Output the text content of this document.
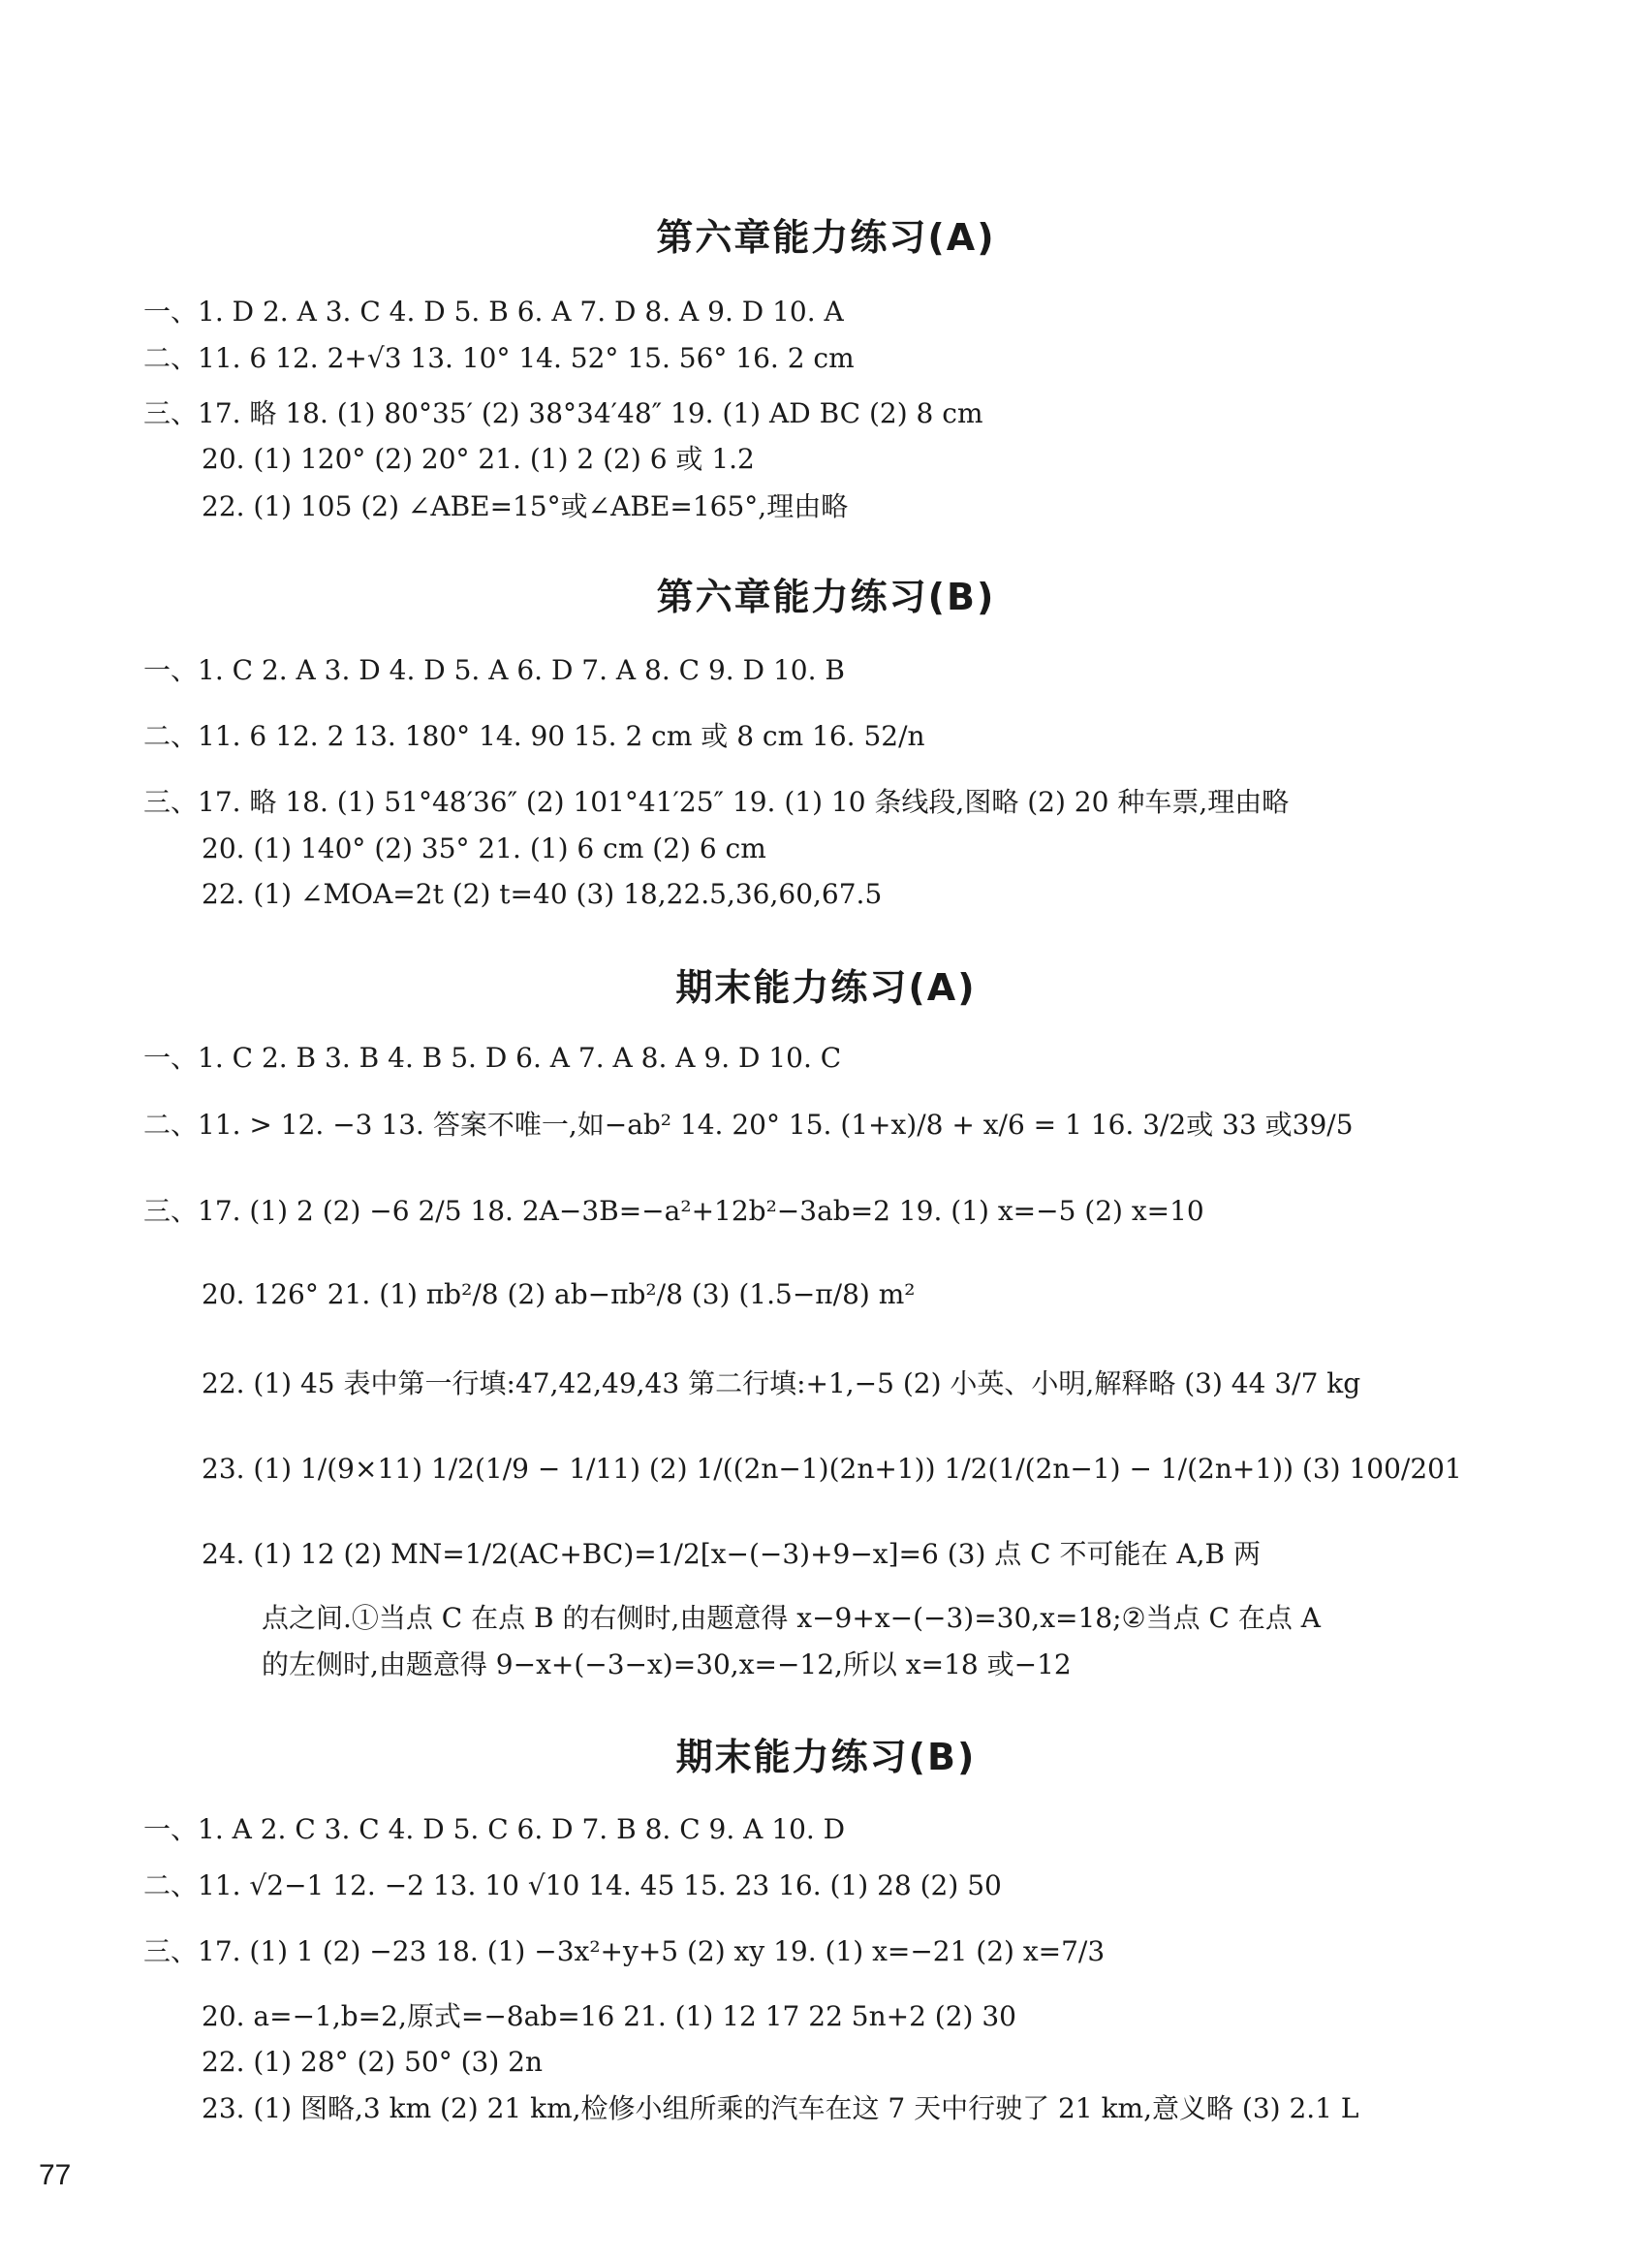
第六章能力练习(A)
一、1. D 2. A 3. C 4. D 5. B 6. A 7. D 8. A 9. D 10. A
二、11. 6 12. 2+√3 13. 10° 14. 52° 15. 56° 16. 2 cm
三、17. 略 18. (1) 80°35′ (2) 38°34′48″ 19. (1) AD BC (2) 8 cm
20. (1) 120° (2) 20° 21. (1) 2 (2) 6 或 1.2
22. (1) 105 (2) ∠ABE=15°或∠ABE=165°,理由略
第六章能力练习(B)
一、1. C 2. A 3. D 4. D 5. A 6. D 7. A 8. C 9. D 10. B
二、11. 6 12. 2 13. 180° 14. 90 15. 2 cm 或 8 cm 16. 52/n
三、17. 略 18. (1) 51°48′36″ (2) 101°41′25″ 19. (1) 10 条线段,图略 (2) 20 种车票,理由略
20. (1) 140° (2) 35° 21. (1) 6 cm (2) 6 cm
22. (1) ∠MOA=2t (2) t=40 (3) 18,22.5,36,60,67.5
期末能力练习(A)
一、1. C 2. B 3. B 4. B 5. D 6. A 7. A 8. A 9. D 10. C
二、11. > 12. −3 13. 答案不唯一,如−ab² 14. 20° 15. (1+x)/8 + x/6 = 1 16. 3/2或 33 或39/5
三、17. (1) 2 (2) −6 2/5 18. 2A−3B=−a²+12b²−3ab=2 19. (1) x=−5 (2) x=10
20. 126° 21. (1) πb²/8 (2) ab−πb²/8 (3) (1.5−π/8) m²
22. (1) 45 表中第一行填:47,42,49,43 第二行填:+1,−5 (2) 小英、小明,解释略 (3) 44 3/7 kg
23. (1) 1/(9×11) 1/2(1/9 − 1/11) (2) 1/((2n−1)(2n+1)) 1/2(1/(2n−1) − 1/(2n+1)) (3) 100/201
24. (1) 12 (2) MN=1/2(AC+BC)=1/2[x−(−3)+9−x]=6 (3) 点 C 不可能在 A,B 两
点之间.①当点 C 在点 B 的右侧时,由题意得 x−9+x−(−3)=30,x=18;②当点 C 在点 A
的左侧时,由题意得 9−x+(−3−x)=30,x=−12,所以 x=18 或−12
期末能力练习(B)
一、1. A 2. C 3. C 4. D 5. C 6. D 7. B 8. C 9. A 10. D
二、11. √2−1 12. −2 13. 10 √10 14. 45 15. 23 16. (1) 28 (2) 50
三、17. (1) 1 (2) −23 18. (1) −3x²+y+5 (2) xy 19. (1) x=−21 (2) x=7/3
20. a=−1,b=2,原式=−8ab=16 21. (1) 12 17 22 5n+2 (2) 30
22. (1) 28° (2) 50° (3) 2n
23. (1) 图略,3 km (2) 21 km,检修小组所乘的汽车在这 7 天中行驶了 21 km,意义略 (3) 2.1 L
77
